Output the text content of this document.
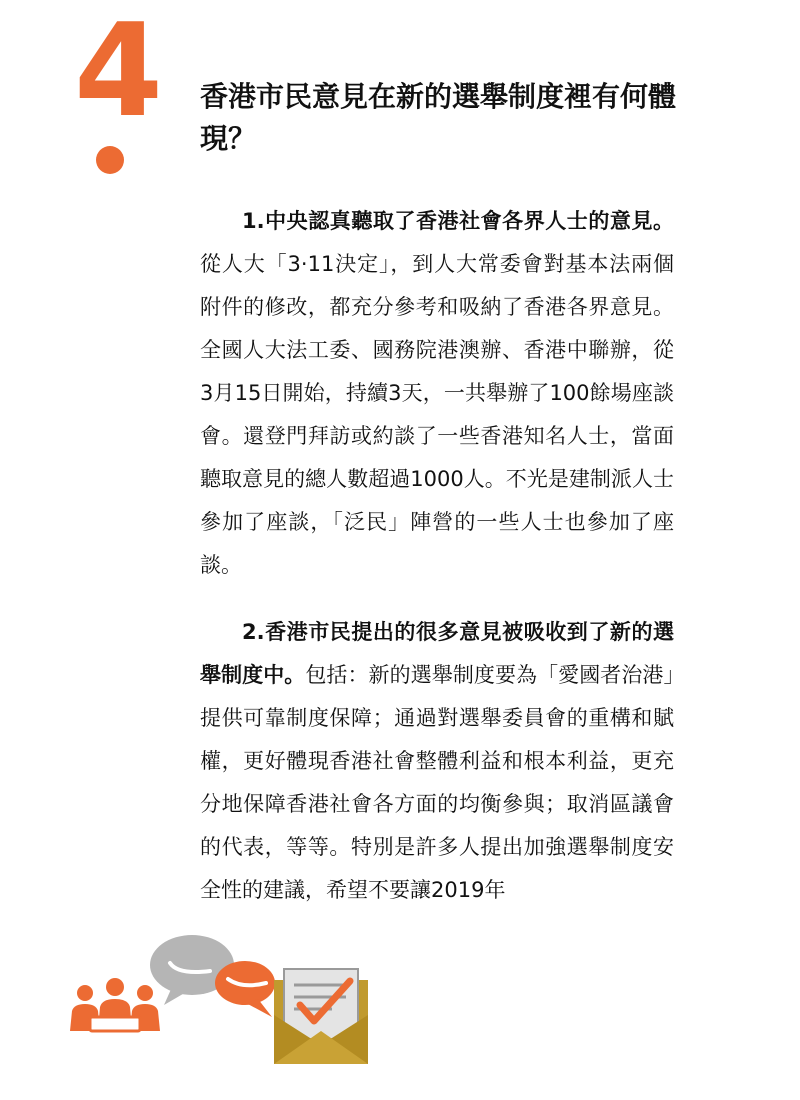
4 香港市民意見在新的選舉制度裡有何體現？

1.中央認真聽取了香港社會各界人士的意見。從人大「3·11決定」，到人大常委會對基本法兩個附件的修改，都充分參考和吸納了香港各界意見。全國人大法工委、國務院港澳辦、香港中聯辦，從3月15日開始，持續3天，一共舉辦了100餘場座談會。還登門拜訪或約談了一些香港知名人士，當面聽取意見的總人數超過1000人。不光是建制派人士參加了座談，「泛民」陣營的一些人士也參加了座談。

2.香港市民提出的很多意見被吸收到了新的選舉制度中。包括：新的選舉制度要為「愛國者治港」提供可靠制度保障；通過對選舉委員會的重構和賦權，更好體現香港社會整體利益和根本利益，更充分地保障香港社會各方面的均衡參與；取消區議會的代表，等等。特別是許多人提出加強選舉制度安全性的建議，希望不要讓2019年
